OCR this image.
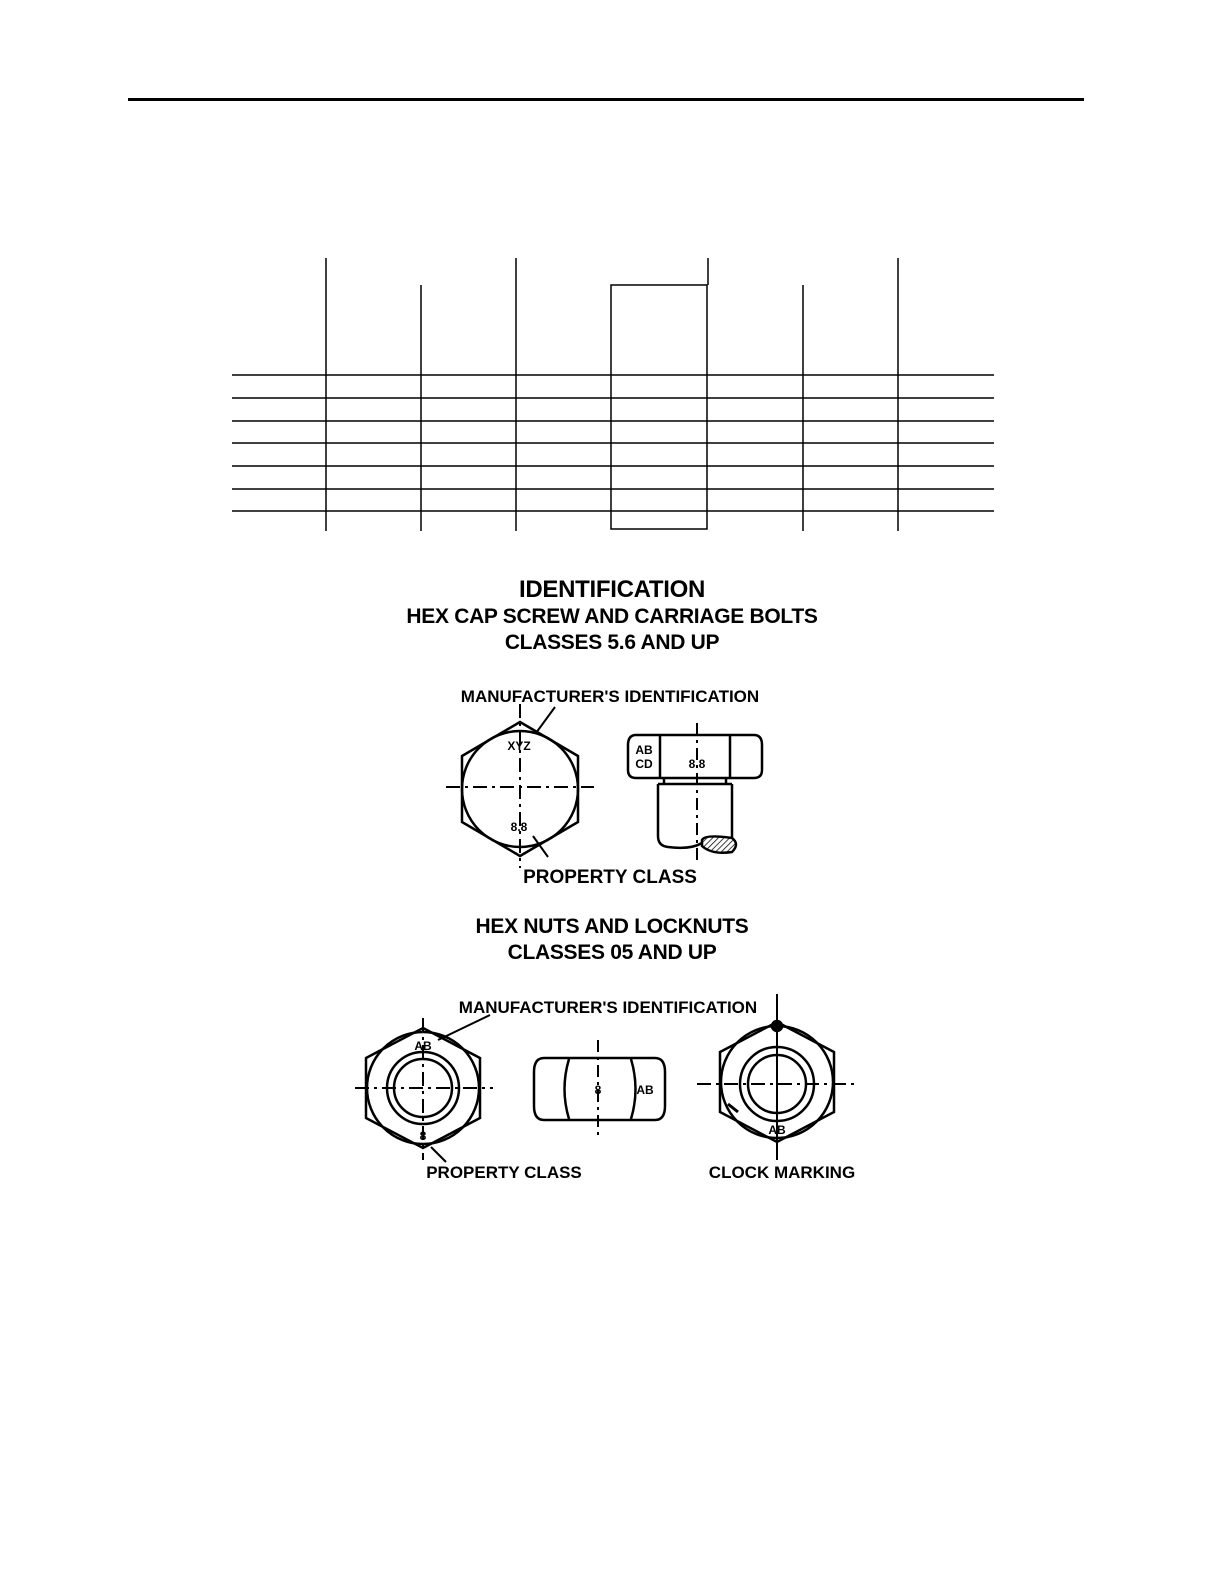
IDENTIFICATION
HEX CAP SCREW AND CARRIAGE BOLTS
CLASSES 5.6 AND UP
HEX NUTS AND LOCKNUTS
CLASSES 05 AND UP
XYZ
8.8
AB
CD	8.8
MANUFACTURER'S IDENTIFICATION
PROPERTY CLASS
AB
8
8	AB
AB
MANUFACTURER'S IDENTIFICATION
PROPERTY CLASS	CLOCK MARKING
